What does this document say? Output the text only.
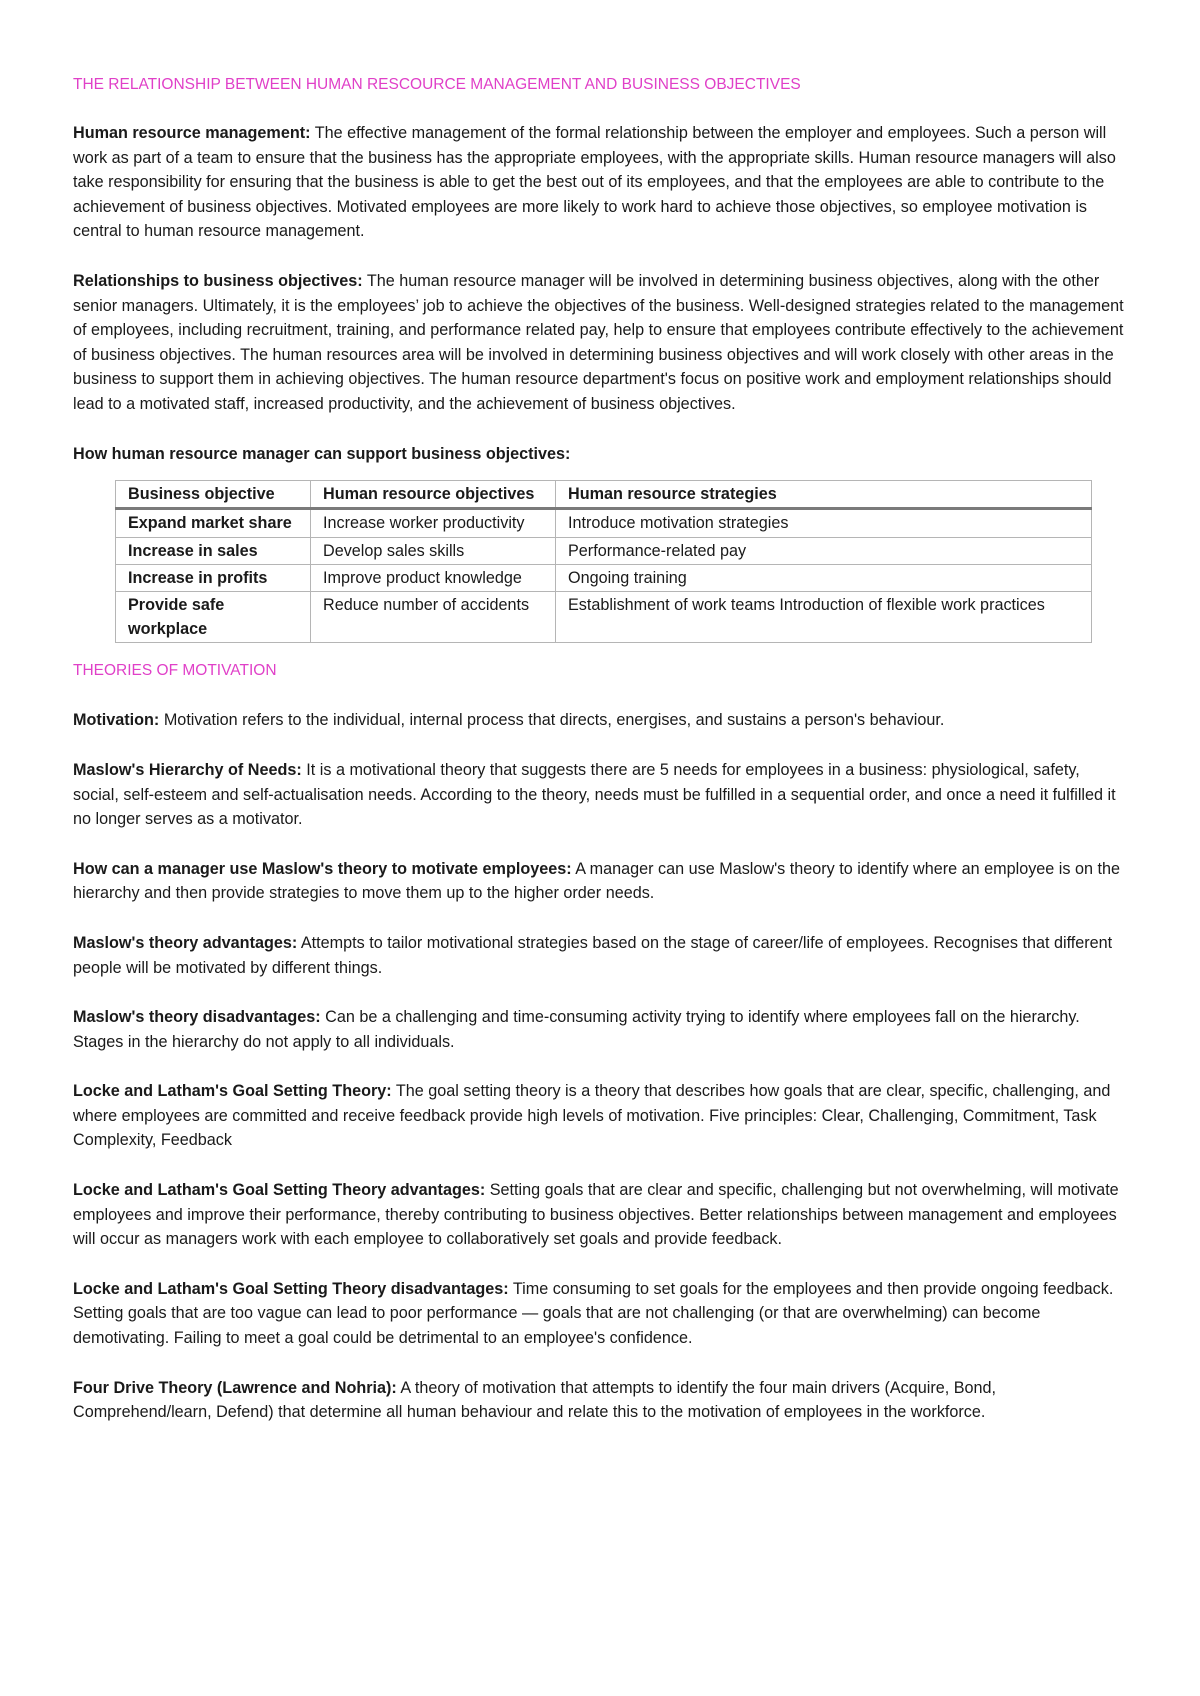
THE RELATIONSHIP BETWEEN HUMAN RESCOURCE MANAGEMENT AND BUSINESS OBJECTIVES

Human resource management: The effective management of the formal relationship between the employer and employees. Such a person will work as part of a team to ensure that the business has the appropriate employees, with the appropriate skills. Human resource managers will also take responsibility for ensuring that the business is able to get the best out of its employees, and that the employees are able to contribute to the achievement of business objectives. Motivated employees are more likely to work hard to achieve those objectives, so employee motivation is central to human resource management.

Relationships to business objectives: The human resource manager will be involved in determining business objectives, along with the other senior managers. Ultimately, it is the employees’ job to achieve the objectives of the business. Well-designed strategies related to the management of employees, including recruitment, training, and performance related pay, help to ensure that employees contribute effectively to the achievement of business objectives. The human resources area will be involved in determining business objectives and will work closely with other areas in the business to support them in achieving objectives. The human resource department's focus on positive work and employment relationships should lead to a motivated staff, increased productivity, and the achievement of business objectives.

How human resource manager can support business objectives:

Business objective	Human resource objectives	Human resource strategies
Expand market share	Increase worker productivity	Introduce motivation strategies
Increase in sales	Develop sales skills	Performance-related pay
Increase in profits	Improve product knowledge	Ongoing training
Provide safe workplace	Reduce number of accidents	Establishment of work teams Introduction of flexible work practices
THEORIES OF MOTIVATION

Motivation: Motivation refers to the individual, internal process that directs, energises, and sustains a person's behaviour.

Maslow's Hierarchy of Needs: It is a motivational theory that suggests there are 5 needs for employees in a business: physiological, safety, social, self-esteem and self-actualisation needs. According to the theory, needs must be fulfilled in a sequential order, and once a need it fulfilled it no longer serves as a motivator.

How can a manager use Maslow's theory to motivate employees: A manager can use Maslow's theory to identify where an employee is on the hierarchy and then provide strategies to move them up to the higher order needs.

Maslow's theory advantages: Attempts to tailor motivational strategies based on the stage of career/life of employees. Recognises that different people will be motivated by different things.

Maslow's theory disadvantages: Can be a challenging and time-consuming activity trying to identify where employees fall on the hierarchy. Stages in the hierarchy do not apply to all individuals.

Locke and Latham's Goal Setting Theory: The goal setting theory is a theory that describes how goals that are clear, specific, challenging, and where employees are committed and receive feedback provide high levels of motivation. Five principles: Clear, Challenging, Commitment, Task Complexity, Feedback

Locke and Latham's Goal Setting Theory advantages: Setting goals that are clear and specific, challenging but not overwhelming, will motivate employees and improve their performance, thereby contributing to business objectives. Better relationships between management and employees will occur as managers work with each employee to collaboratively set goals and provide feedback.

Locke and Latham's Goal Setting Theory disadvantages: Time consuming to set goals for the employees and then provide ongoing feedback. Setting goals that are too vague can lead to poor performance — goals that are not challenging (or that are overwhelming) can become demotivating. Failing to meet a goal could be detrimental to an employee's confidence.

Four Drive Theory (Lawrence and Nohria): A theory of motivation that attempts to identify the four main drivers (Acquire, Bond, Comprehend/learn, Defend) that determine all human behaviour and relate this to the motivation of employees in the workforce.
